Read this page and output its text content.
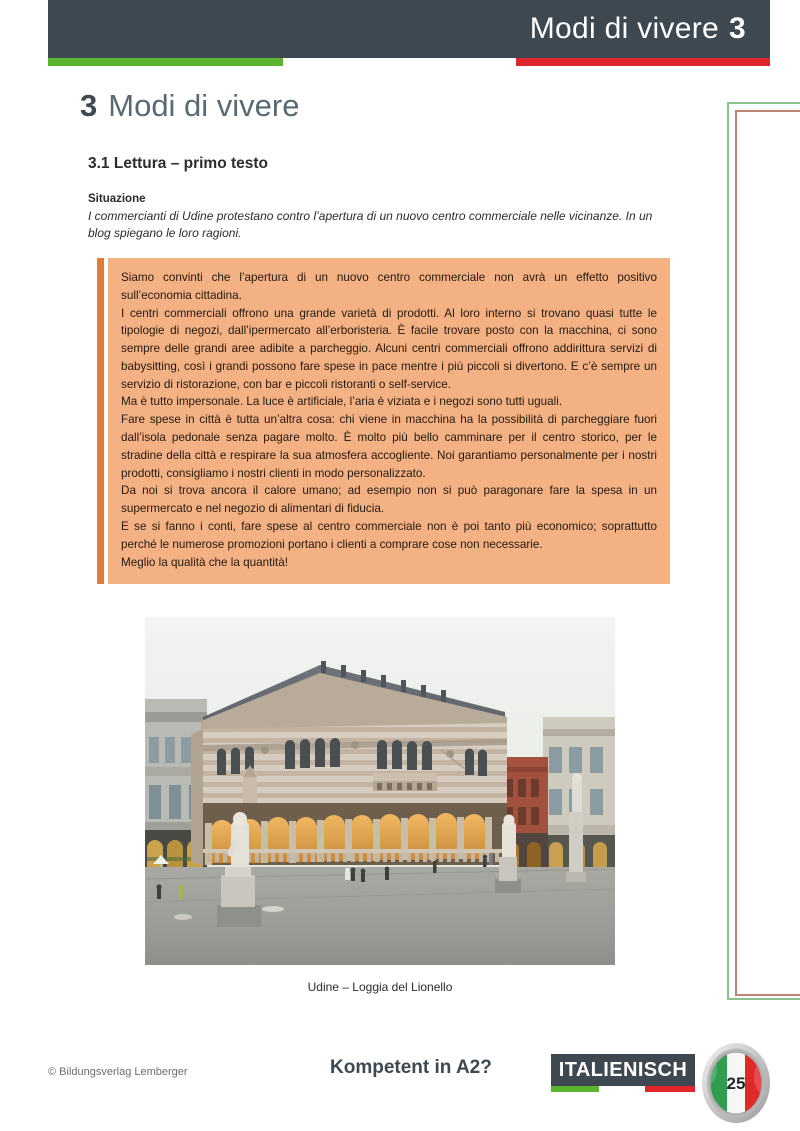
Modi di vivere 3
3 Modi di vivere
3.1 Lettura – primo testo
Situazione
I commercianti di Udine protestano contro l’apertura di un nuovo centro commerciale nelle vicinanze. In un blog spiegano le loro ragioni.

Siamo convinti che l’apertura di un nuovo centro commerciale non avrà un effetto positivo sull’economia cittadina.

I centri commerciali offrono una grande varietà di prodotti. Al loro interno si trovano quasi tutte le tipologie di negozi, dall’ipermercato all’erboristeria. È facile trovare posto con la macchina, ci sono sempre delle grandi aree adibite a parcheggio. Alcuni centri commerciali offrono addirittura servizi di babysitting, così i grandi possono fare spese in pace mentre i più piccoli si divertono. E c’è sempre un servizio di ristorazione, con bar e piccoli ristoranti o self-service.

Ma è tutto impersonale. La luce è artificiale, l’aria è viziata e i negozi sono tutti uguali.

Fare spese in città è tutta un’altra cosa: chi viene in macchina ha la possibilità di parcheggiare fuori dall’isola pedonale senza pagare molto. È molto più bello camminare per il centro storico, per le stradine della città e respirare la sua atmosfera accogliente. Noi garantiamo personalmente per i nostri prodotti, consigliamo i nostri clienti in modo personalizzato.

Da noi si trova ancora il calore umano; ad esempio non si può paragonare fare la spesa in un supermercato e nel negozio di alimentari di fiducia.

E se si fanno i conti, fare spese al centro commerciale non è poi tanto più economico; soprattutto perché le numerose promozioni portano i clienti a comprare cose non necessarie.

Meglio la qualità che la quantità!

Udine – Loggia del Lionello
© Bildungsverlag Lemberger	Kompetent in A2?	ITALIENISCH
25
